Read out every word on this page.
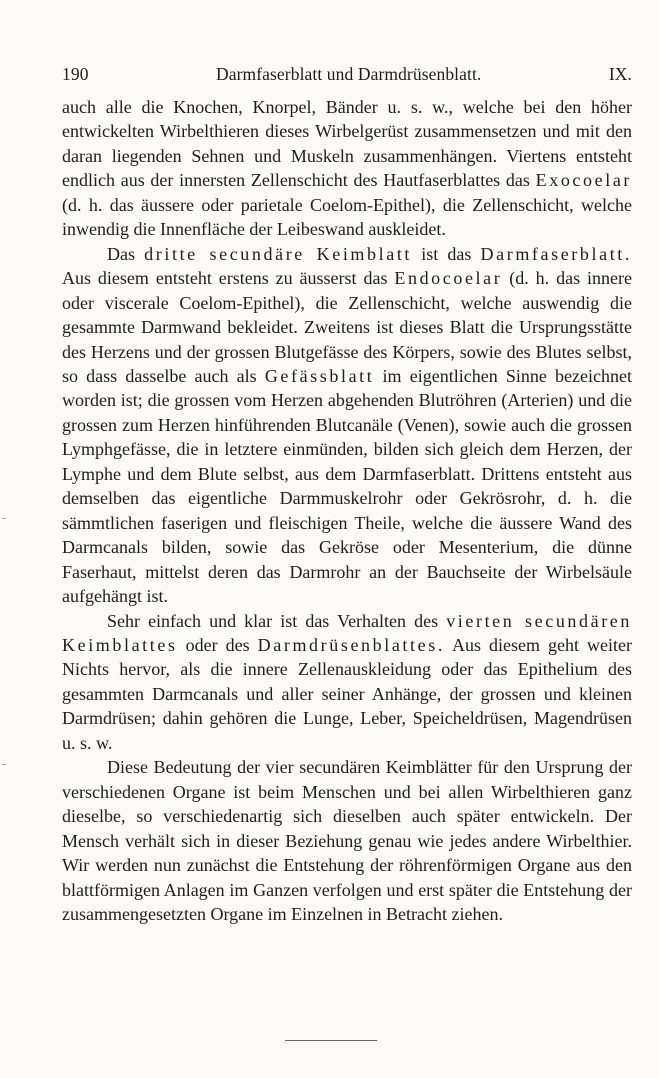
190	Darmfaserblatt und Darmdrüsenblatt.	IX.

auch alle die Knochen, Knorpel, Bänder u. s. w., welche bei den höher entwickelten Wirbelthieren dieses Wirbelgerüst zusammensetzen und mit den daran liegenden Sehnen und Muskeln zusammenhängen. Viertens entsteht endlich aus der innersten Zellenschicht des Hautfaserblattes das Exocoelar (d. h. das äussere oder parietale Coelom-Epithel), die Zellenschicht, welche inwendig die Innenfläche der Leibeswand auskleidet.

Das dritte secundäre Keimblatt ist das Darmfaserblatt. Aus diesem entsteht erstens zu äusserst das Endocoelar (d. h. das innere oder viscerale Coelom-Epithel), die Zellenschicht, welche auswendig die gesammte Darmwand bekleidet. Zweitens ist dieses Blatt die Ursprungsstätte des Herzens und der grossen Blutgefässe des Körpers, sowie des Blutes selbst, so dass dasselbe auch als Gefässblatt im eigentlichen Sinne bezeichnet worden ist; die grossen vom Herzen abgehenden Blutröhren (Arterien) und die grossen zum Herzen hinführenden Blutcanäle (Venen), sowie auch die grossen Lymphgefässe, die in letztere einmünden, bilden sich gleich dem Herzen, der Lymphe und dem Blute selbst, aus dem Darmfaserblatt. Drittens entsteht aus demselben das eigentliche Darmmuskelrohr oder Gekrösrohr, d. h. die sämmtlichen faserigen und fleischigen Theile, welche die äussere Wand des Darmcanals bilden, sowie das Gekröse oder Mesenterium, die dünne Faserhaut, mittelst deren das Darmrohr an der Bauchseite der Wirbelsäule aufgehängt ist.

Sehr einfach und klar ist das Verhalten des vierten secundären Keimblattes oder des Darmdrüsenblattes. Aus diesem geht weiter Nichts hervor, als die innere Zellenauskleidung oder das Epithelium des gesammten Darmcanals und aller seiner Anhänge, der grossen und kleinen Darmdrüsen; dahin gehören die Lunge, Leber, Speicheldrüsen, Magendrüsen u. s. w.

Diese Bedeutung der vier secundären Keimblätter für den Ursprung der verschiedenen Organe ist beim Menschen und bei allen Wirbelthieren ganz dieselbe, so verschiedenartig sich dieselben auch später entwickeln. Der Mensch verhält sich in dieser Beziehung genau wie jedes andere Wirbelthier. Wir werden nun zunächst die Entstehung der röhrenförmigen Organe aus den blattförmigen Anlagen im Ganzen verfolgen und erst später die Entstehung der zusammengesetzten Organe im Einzelnen in Betracht ziehen.
